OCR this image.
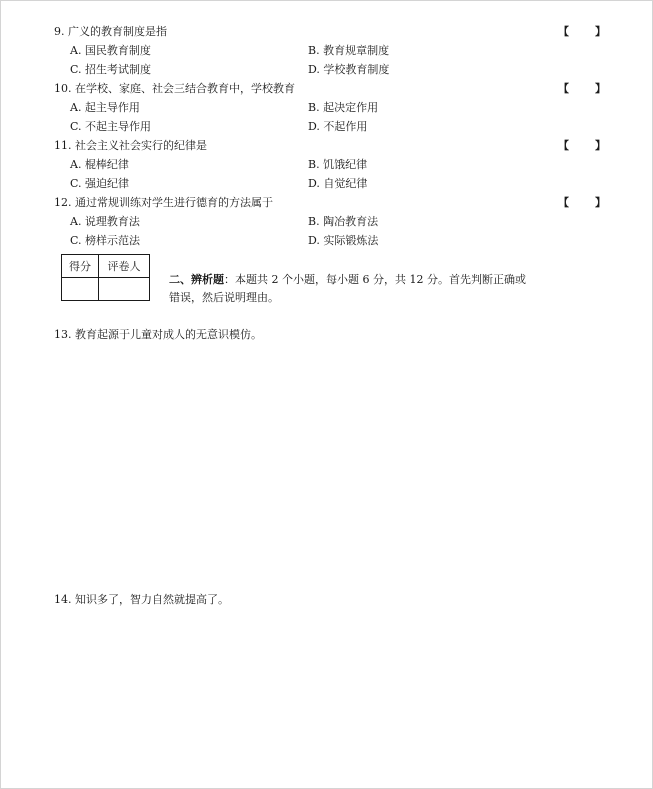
9. 广义的教育制度是指	【 】
A. 国民教育制度	B. 教育规章制度
C. 招生考试制度	D. 学校教育制度
10. 在学校、家庭、社会三结合教育中，学校教育	【 】
A. 起主导作用	B. 起决定作用
C. 不起主导作用	D. 不起作用
11. 社会主义社会实行的纪律是	【 】
A. 棍棒纪律	B. 饥饿纪律
C. 强迫纪律	D. 自觉纪律
12. 通过常规训练对学生进行德育的方法属于	【 】
A. 说理教育法	B. 陶冶教育法
C. 榜样示范法	D. 实际锻炼法
得分	评卷人

二、辨析题：本题共 2 个小题，每小题 6 分，共 12 分。首先判断正确或错误，然后说明理由。
13. 教育起源于儿童对成人的无意识模仿。
14. 知识多了，智力自然就提高了。
